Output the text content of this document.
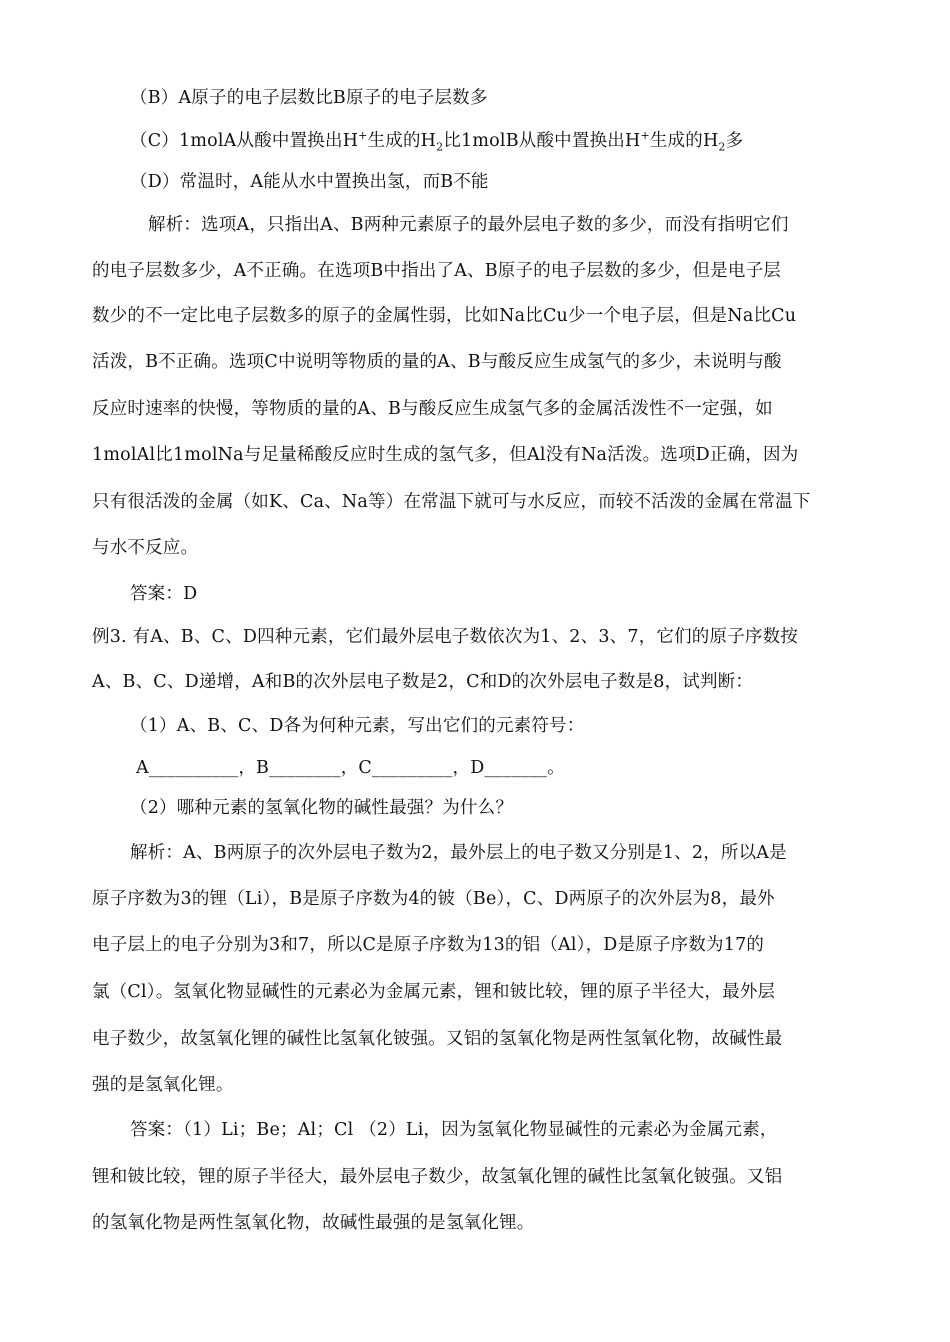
（B）A原子的电子层数比B原子的电子层数多
（C）1molA从酸中置换出H+生成的$H_2$比1molB从酸中置换出H+生成的$H_2$多
（D）常温时，A能从水中置换出氢，而B不能
解析：选项A，只指出A、B两种元素原子的最外层电子数的多少，而没有指明它们
的电子层数多少，A不正确。在选项B中指出了A、B原子的电子层数的多少，但是电子层
数少的不一定比电子层数多的原子的金属性弱，比如Na比Cu少一个电子层，但是Na比Cu
活泼，B不正确。选项C中说明等物质的量的A、B与酸反应生成氢气的多少，未说明与酸
反应时速率的快慢，等物质的量的A、B与酸反应生成氢气多的金属活泼性不一定强，如
1molAl比1molNa与足量稀酸反应时生成的氢气多，但Al没有Na活泼。选项D正确，因为
只有很活泼的金属（如K、Ca、Na等）在常温下就可与水反应，而较不活泼的金属在常温下
与水不反应。
答案：D
例3. 有A、B、C、D四种元素，它们最外层电子数依次为1、2、3、7，它们的原子序数按
A、B、C、D递增，A和B的次外层电子数是2，C和D的次外层电子数是8，试判断：
（1）A、B、C、D各为何种元素，写出它们的元素符号：
A__________，B________，C_________，D_______。
（2）哪种元素的氢氧化物的碱性最强？为什么？
解析：A、B两原子的次外层电子数为2，最外层上的电子数又分别是1、2，所以A是
原子序数为3的锂（Li），B是原子序数为4的铍（Be），C、D两原子的次外层为8，最外
电子层上的电子分别为3和7，所以C是原子序数为13的铝（Al），D是原子序数为17的
氯（Cl）。氢氧化物显碱性的元素必为金属元素，锂和铍比较，锂的原子半径大，最外层
电子数少，故氢氧化锂的碱性比氢氧化铍强。又铝的氢氧化物是两性氢氧化物，故碱性最
强的是氢氧化锂。
答案：（1）Li；Be；Al；Cl （2）Li，因为氢氧化物显碱性的元素必为金属元素，
锂和铍比较，锂的原子半径大，最外层电子数少，故氢氧化锂的碱性比氢氧化铍强。又铝
的氢氧化物是两性氢氧化物，故碱性最强的是氢氧化锂。
